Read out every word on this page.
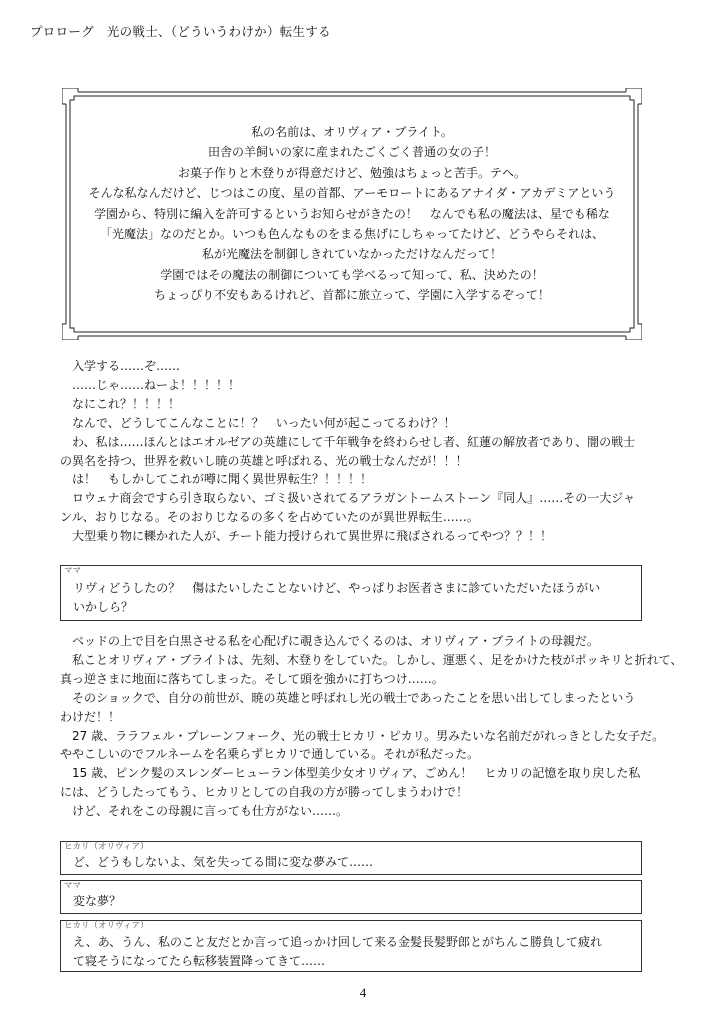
プロローグ　光の戦士、（どういうわけか）転生する
私の名前は、オリヴィア・ブライト。
田舎の羊飼いの家に産まれたごくごく普通の女の子！
お菓子作りと木登りが得意だけど、勉強はちょっと苦手。テヘ。
そんな私なんだけど、じつはこの度、星の首都、アーモロートにあるアナイダ・アカデミアという
学園から、特別に編入を許可するというお知らせがきたの！　なんでも私の魔法は、星でも稀な
「光魔法」なのだとか。いつも色んなものをまる焦げにしちゃってたけど、どうやらそれは、
私が光魔法を制御しきれていなかっただけなんだって！
学園ではその魔法の制御についても学べるって知って、私、決めたの！
ちょっぴり不安もあるけれど、首都に旅立って、学園に入学するぞって！
　入学する……ぞ……
　……じゃ……ねーよ！！！！！
　なにこれ？！！！！
　なんで、どうしてこんなことに！？　いったい何が起こってるわけ？！
　わ、私は……ほんとはエオルゼアの英雄にして千年戦争を終わらせし者、紅蓮の解放者であり、闇の戦士
の異名を持つ、世界を救いし暁の英雄と呼ばれる、光の戦士なんだが！！！
　は！　もしかしてこれが噂に聞く異世界転生？！！！！
　ロウェナ商会ですら引き取らない、ゴミ扱いされてるアラガントームストーン『同人』……その一大ジャ
ンル、おりじなる。そのおりじなるの多くを占めていたのが異世界転生……。
　大型乗り物に轢かれた人が、チート能力授けられて異世界に飛ばされるってやつ？？！！
ママ
リヴィどうしたの？　傷はたいしたことないけど、やっぱりお医者さまに診ていただいたほうがい
いかしら？
　ベッドの上で目を白黒させる私を心配げに覗き込んでくるのは、オリヴィア・ブライトの母親だ。
　私ことオリヴィア・ブライトは、先刻、木登りをしていた。しかし、運悪く、足をかけた枝がポッキリと折れて、
真っ逆さまに地面に落ちてしまった。そして頭を強かに打ちつけ……。
　そのショックで、自分の前世が、暁の英雄と呼ばれし光の戦士であったことを思い出してしまったという
わけだ！！
　27 歳、ララフェル・プレーンフォーク、光の戦士ヒカリ・ピカリ。男みたいな名前だがれっきとした女子だ。
ややこしいのでフルネームを名乗らずヒカリで通している。それが私だった。
　15 歳、ピンク髪のスレンダーヒューラン体型美少女オリヴィア、ごめん！　ヒカリの記憶を取り戻した私
には、どうしたってもう、ヒカリとしての自我の方が勝ってしまうわけで！
　けど、それをこの母親に言っても仕方がない……。
ヒカリ（オリヴィア）
ど、どうもしないよ、気を失ってる間に変な夢みて……
ママ
変な夢？
ヒカリ（オリヴィア）
え、あ、うん、私のこと友だとか言って追っかけ回して来る金髪長髪野郎とがちんこ勝負して疲れ
て寝そうになってたら転移装置降ってきて……
4
